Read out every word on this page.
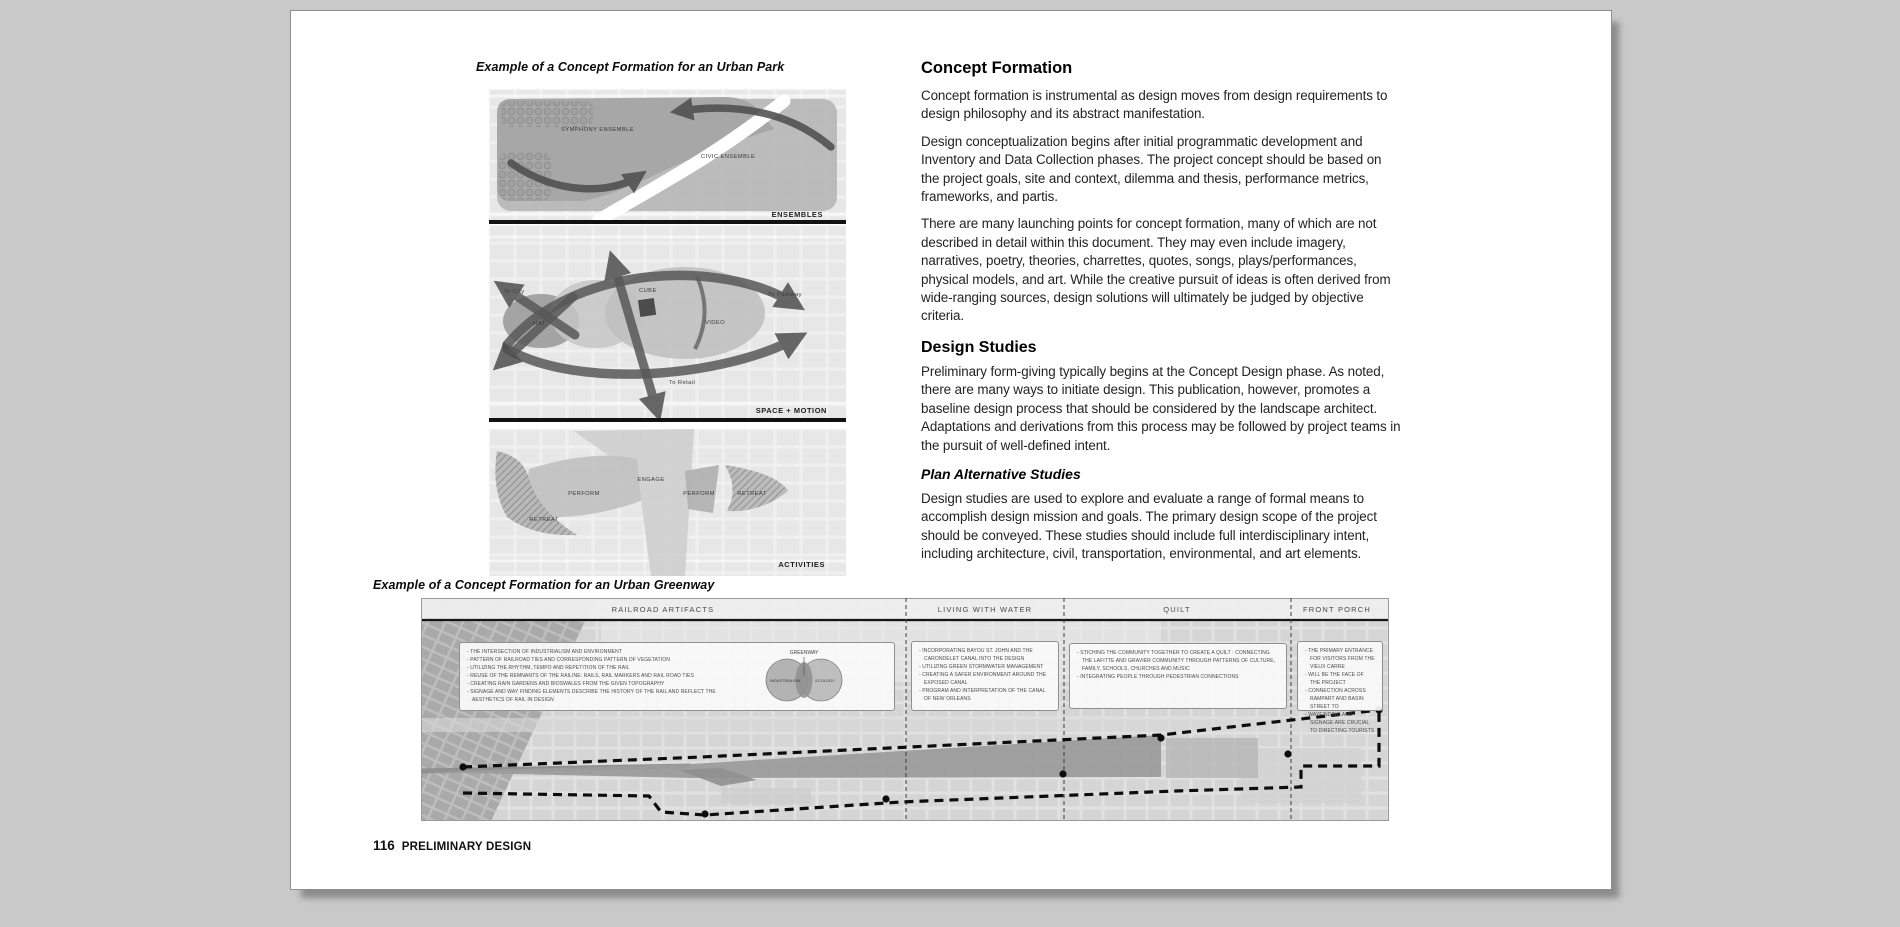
Example of a Concept Formation for an Urban Park
SYMPHONY ENSEMBLE
CIVIC ENSEMBLE
ENSEMBLES
To City	CUBE
To Parkway
HAT	VIDEO
To Retail
SPACE + MOTION
ENGAGE
PERFORM	PERFORM
RETREAT
RETREAT
ACTIVITIES
Concept Formation

Concept formation is instrumental as design moves from design requirements to design philosophy and its abstract manifestation.

Design conceptualization begins after initial programmatic development and Inventory and Data Collection phases. The project concept should be based on the project goals, site and context, dilemma and thesis, performance metrics, frameworks, and partis.

There are many launching points for concept formation, many of which are not described in detail within this document. They may even include imagery, narratives, poetry, theories, charrettes, quotes, songs, plays/performances, physical models, and art. While the creative pursuit of ideas is often derived from wide-ranging sources, design solutions will ultimately be judged by objective criteria.

Design Studies

Preliminary form-giving typically begins at the Concept Design phase. As noted, there are many ways to initiate design. This publication, however, promotes a baseline design process that should be considered by the landscape architect. Adaptations and derivations from this process may be followed by project teams in the pursuit of well-defined intent.

Plan Alternative Studies

Design studies are used to explore and evaluate a range of formal means to accomplish design mission and goals. The primary design scope of the project should be conveyed. These studies should include full interdisciplinary intent, including architecture, civil, transportation, environmental, and art elements.

Example of a Concept Formation for an Urban Greenway
RAILROAD ARTIFACTS	LIVING WITH WATER	QUILT	FRONT PORCH
- THE INTERSECTION OF INDUSTRIALISM AND ENVIRONMENT
- PATTERN OF RAILROAD TIES AND CORRESPONDING PATTERN OF VEGETATION
- UTILIZING THE RHYTHM, TEMPO AND REPETITION OF THE RAIL
- REUSE OF THE REMNANTS OF THE RAILINE: RAILS, RAIL MARKERS AND RAIL ROAD TIES
- CREATING RAIN GARDENS AND BIOSWALES FROM THE GIVEN TOPOGRAPHY
- SIGNAGE AND WAY FINDING ELEMENTS DESCRIBE THE HISTORY OF THE RAIL AND REFLECT THE AESTHETICS OF RAIL IN DESIGN
GREENWAY
INDUSTRIALISM	ECOLOGY
- INCORPORATING BAYOU ST. JOHN AND THE CARONDELET CANAL INTO THE DESIGN
- UTILIZING GREEN STORMWATER MANAGEMENT
- CREATING A SAFER ENVIRONMENT AROUND THE EXPOSED CANAL
- PROGRAM AND INTERPRETATION OF THE CANAL OF NEW ORLEANS
- STICHING THE COMMUNITY TOGETHER TO CREATE A QUILT : CONNECTING THE LAFITTE AND GRAVIER COMMUNITY THROUGH PATTERNS OF CULTURE, FAMILY, SCHOOLS, CHURCHES AND MUSIC
- INTEGRATING PEOPLE THROUGH PEDESTRIAN CONNECTIONS
- THE PRIMARY ENTRANCE FOR VISITORS FROM THE VIEUX CARRE
- WILL BE THE FACE OF THE PROJECT
- CONNECTION ACROSS RAMPART AND BASIN STREET TO
- WAYFINDING AND SIGNAGE ARE CRUCIAL TO DIRECTING TOURISTS
116 PRELIMINARY DESIGN
